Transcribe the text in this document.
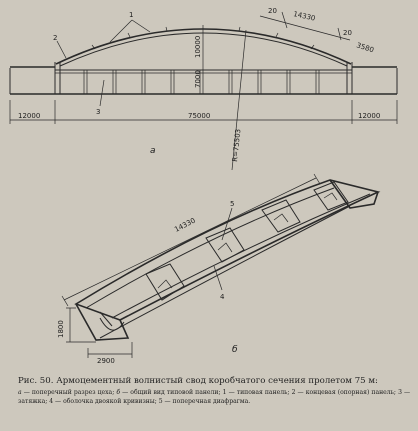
10000
7000
R=75503
1
2
3
20 14330
20
3580
12000	75000	12000
а
14330
1800
2900
5
4
б
Рис. 50. Армоцементный волнистый свод коробчатого сечения пролетом 75 м:
а — поперечный разрез цеха; б — общий вид типовой панели; 1 — типовая панель; 2 — концевая (опорная) панель; 3 — затяжка; 4 — оболочка двоякой кривизны; 5 — поперечная диафрагма.
